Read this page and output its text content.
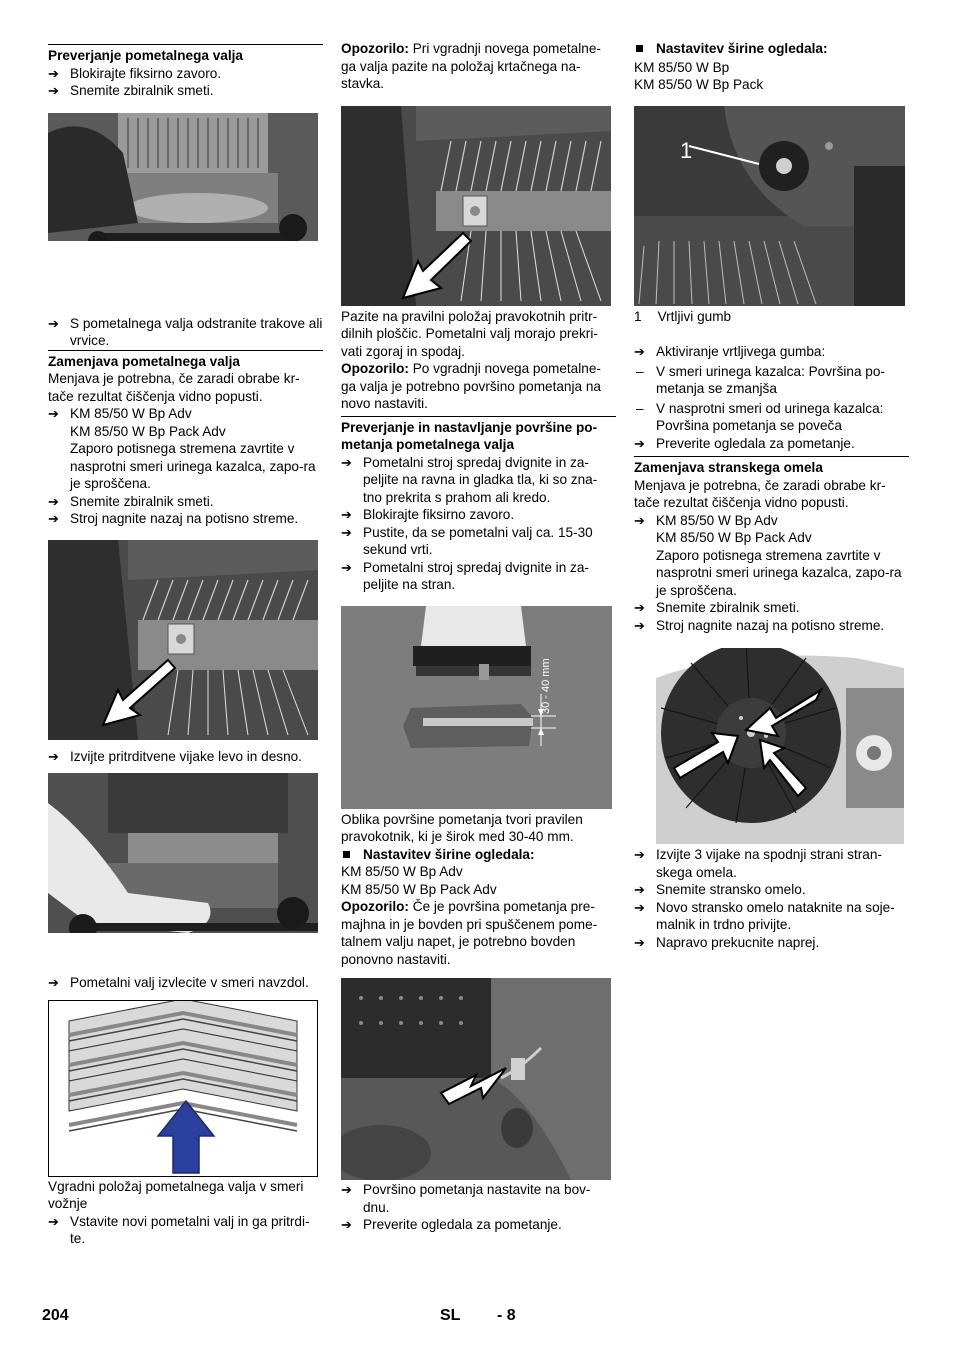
Preverjanje pometalnega valja
➔ Blokirajte fiksirno zavoro.
➔ Snemite zbiralnik smeti.
➔ S pometalnega valja odstranite trakove ali vrvice.
Zamenjava pometalnega valja
Menjava je potrebna, če zaradi obrabe kr-tače rezultat čiščenja vidno popusti.
➔ KM 85/50 W Bp Adv
KM 85/50 W Bp Pack Adv
Zaporo potisnega stremena zavrtite v nasprotni smeri urinega kazalca, zapo-ra je sproščena.
➔ Snemite zbiralnik smeti.
➔ Stroj nagnite nazaj na potisno streme.
➔ Izvijte pritrditvene vijake levo in desno.
➔ Pometalni valj izvlecite v smeri navzdol.
Vgradni položaj pometalnega valja v smeri vožnje
➔ Vstavite novi pometalni valj in ga pritrdi-te.
Opozorilo: Pri vgradnji novega pometalne-ga valja pazite na položaj krtačnega na-stavka.
Pazite na pravilni položaj pravokotnih pritr-dilnih ploščic. Pometalni valj morajo prekri-vati zgoraj in spodaj.
Opozorilo: Po vgradnji novega pometalne-ga valja je potrebno površino pometanja na novo nastaviti.
Preverjanje in nastavljanje površine po-metanja pometalnega valja
➔ Pometalni stroj spredaj dvignite in za-peljite na ravna in gladka tla, ki so zna-tno prekrita s prahom ali kredo.
➔ Blokirajte fiksirno zavoro.
➔ Pustite, da se pometalni valj ca. 15-30 sekund vrti.
➔ Pometalni stroj spredaj dvignite in za-peljite na stran.
30 - 40 mm
Oblika površine pometanja tvori pravilen pravokotnik, ki je širok med 30-40 mm.
Nastavitev širine ogledala:
KM 85/50 W Bp Adv
KM 85/50 W Bp Pack Adv
Opozorilo: Če je površina pometanja pre-majhna in je bovden pri spuščenem pome-talnem valju napet, je potrebno bovden ponovno nastaviti.
➔ Površino pometanja nastavite na bov-dnu.
➔ Preverite ogledala za pometanje.
Nastavitev širine ogledala:
KM 85/50 W Bp
KM 85/50 W Bp Pack
1
1 Vrtljivi gumb
➔ Aktiviranje vrtljivega gumba:
– V smeri urinega kazalca: Površina po-metanja se zmanjša
– V nasprotni smeri od urinega kazalca: Površina pometanja se poveča
➔ Preverite ogledala za pometanje.
Zamenjava stranskega omela
Menjava je potrebna, če zaradi obrabe kr-tače rezultat čiščenja vidno popusti.
➔ KM 85/50 W Bp Adv
KM 85/50 W Bp Pack Adv
Zaporo potisnega stremena zavrtite v nasprotni smeri urinega kazalca, zapo-ra je sproščena.
➔ Snemite zbiralnik smeti.
➔ Stroj nagnite nazaj na potisno streme.
➔ Izvijte 3 vijake na spodnji strani stran-skega omela.
➔ Snemite stransko omelo.
➔ Novo stransko omelo nataknite na soje-malnik in trdno privijte.
➔ Napravo prekucnite naprej.
204	SL - 8
